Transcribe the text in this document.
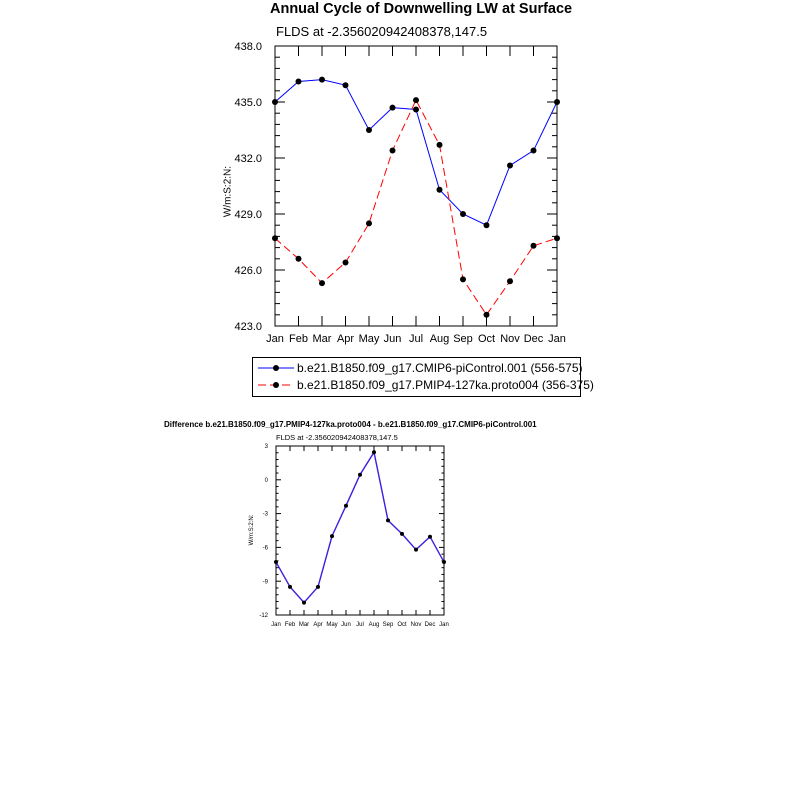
Annual Cycle of Downwelling LW at Surface
FLDS at -2.356020942408378,147.5
W/m:S:2:N:
b.e21.B1850.f09_g17.CMIP6-piControl.001 (556-575)
b.e21.B1850.f09_g17.PMIP4-127ka.proto004 (356-375)
Difference b.e21.B1850.f09_g17.PMIP4-127ka.proto004 - b.e21.B1850.f09_g17.CMIP6-piControl.001
FLDS at -2.356020942408378,147.5
W/m:S:2:N:
423.0
426.0
429.0
432.0
435.0
438.0
Jan Feb Mar Apr May Jun Jul Aug Sep Oct Nov Dec Jan
-12
-9
-6
-3
0
3
Jan Feb Mar Apr May Jun Jul Aug Sep Oct Nov Dec Jan
